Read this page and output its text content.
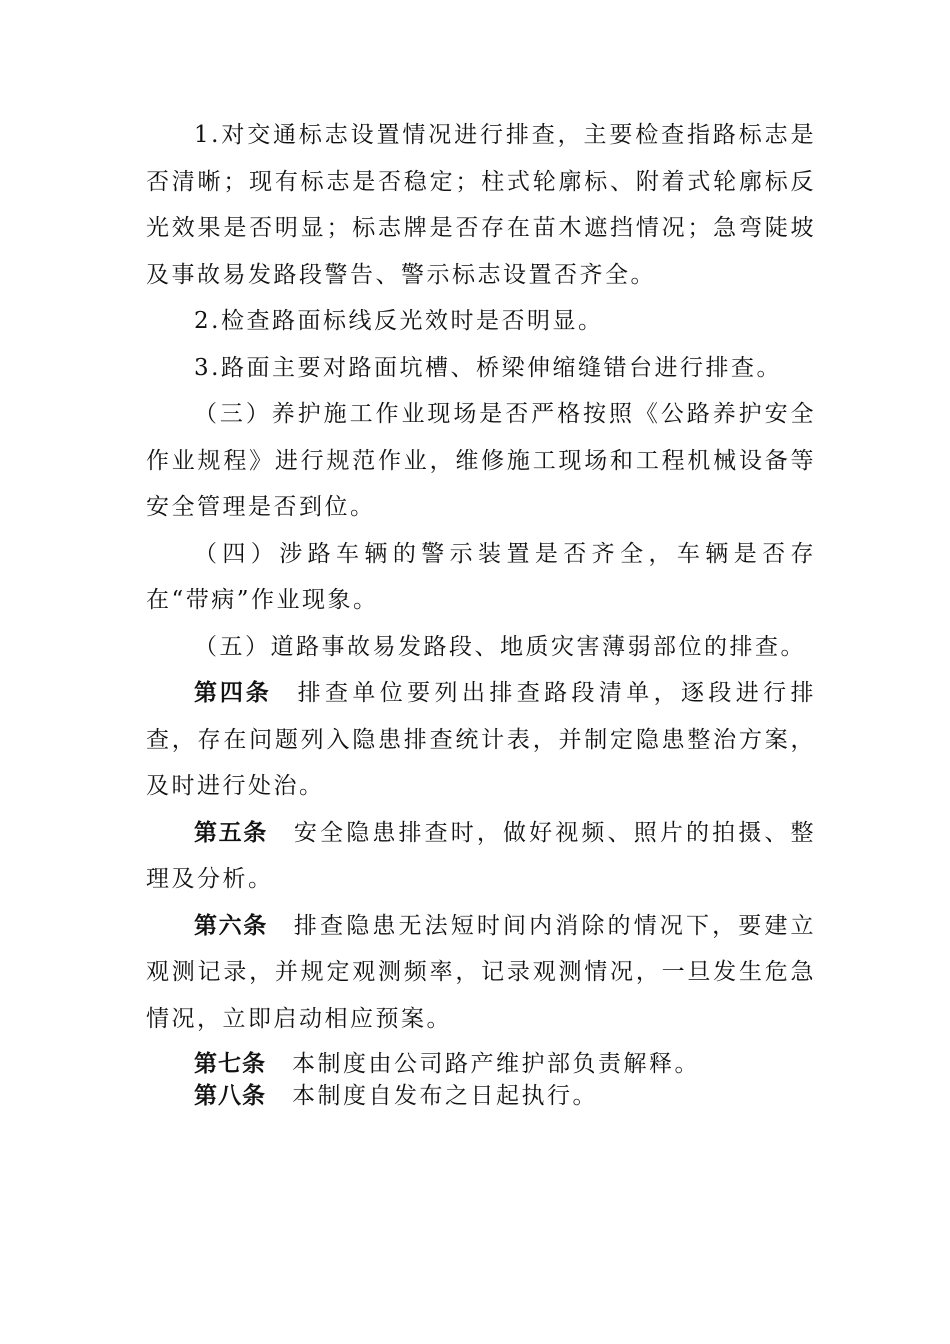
1.对交通标志设置情况进行排查，主要检查指路标志是否清晰；现有标志是否稳定；柱式轮廓标、附着式轮廓标反光效果是否明显；标志牌是否存在苗木遮挡情况；急弯陡坡及事故易发路段警告、警示标志设置否齐全。

2.检查路面标线反光效时是否明显。

3.路面主要对路面坑槽、桥梁伸缩缝错台进行排查。

（三）养护施工作业现场是否严格按照《公路养护安全作业规程》进行规范作业，维修施工现场和工程机械设备等安全管理是否到位。

（四）涉路车辆的警示装置是否齐全，车辆是否存在“带病”作业现象。

（五）道路事故易发路段、地质灾害薄弱部位的排查。

第四条 排查单位要列出排查路段清单，逐段进行排查，存在问题列入隐患排查统计表，并制定隐患整治方案，及时进行处治。

第五条 安全隐患排查时，做好视频、照片的拍摄、整理及分析。

第六条 排查隐患无法短时间内消除的情况下，要建立观测记录，并规定观测频率，记录观测情况，一旦发生危急情况，立即启动相应预案。

第七条 本制度由公司路产维护部负责解释。

第八条 本制度自发布之日起执行。
